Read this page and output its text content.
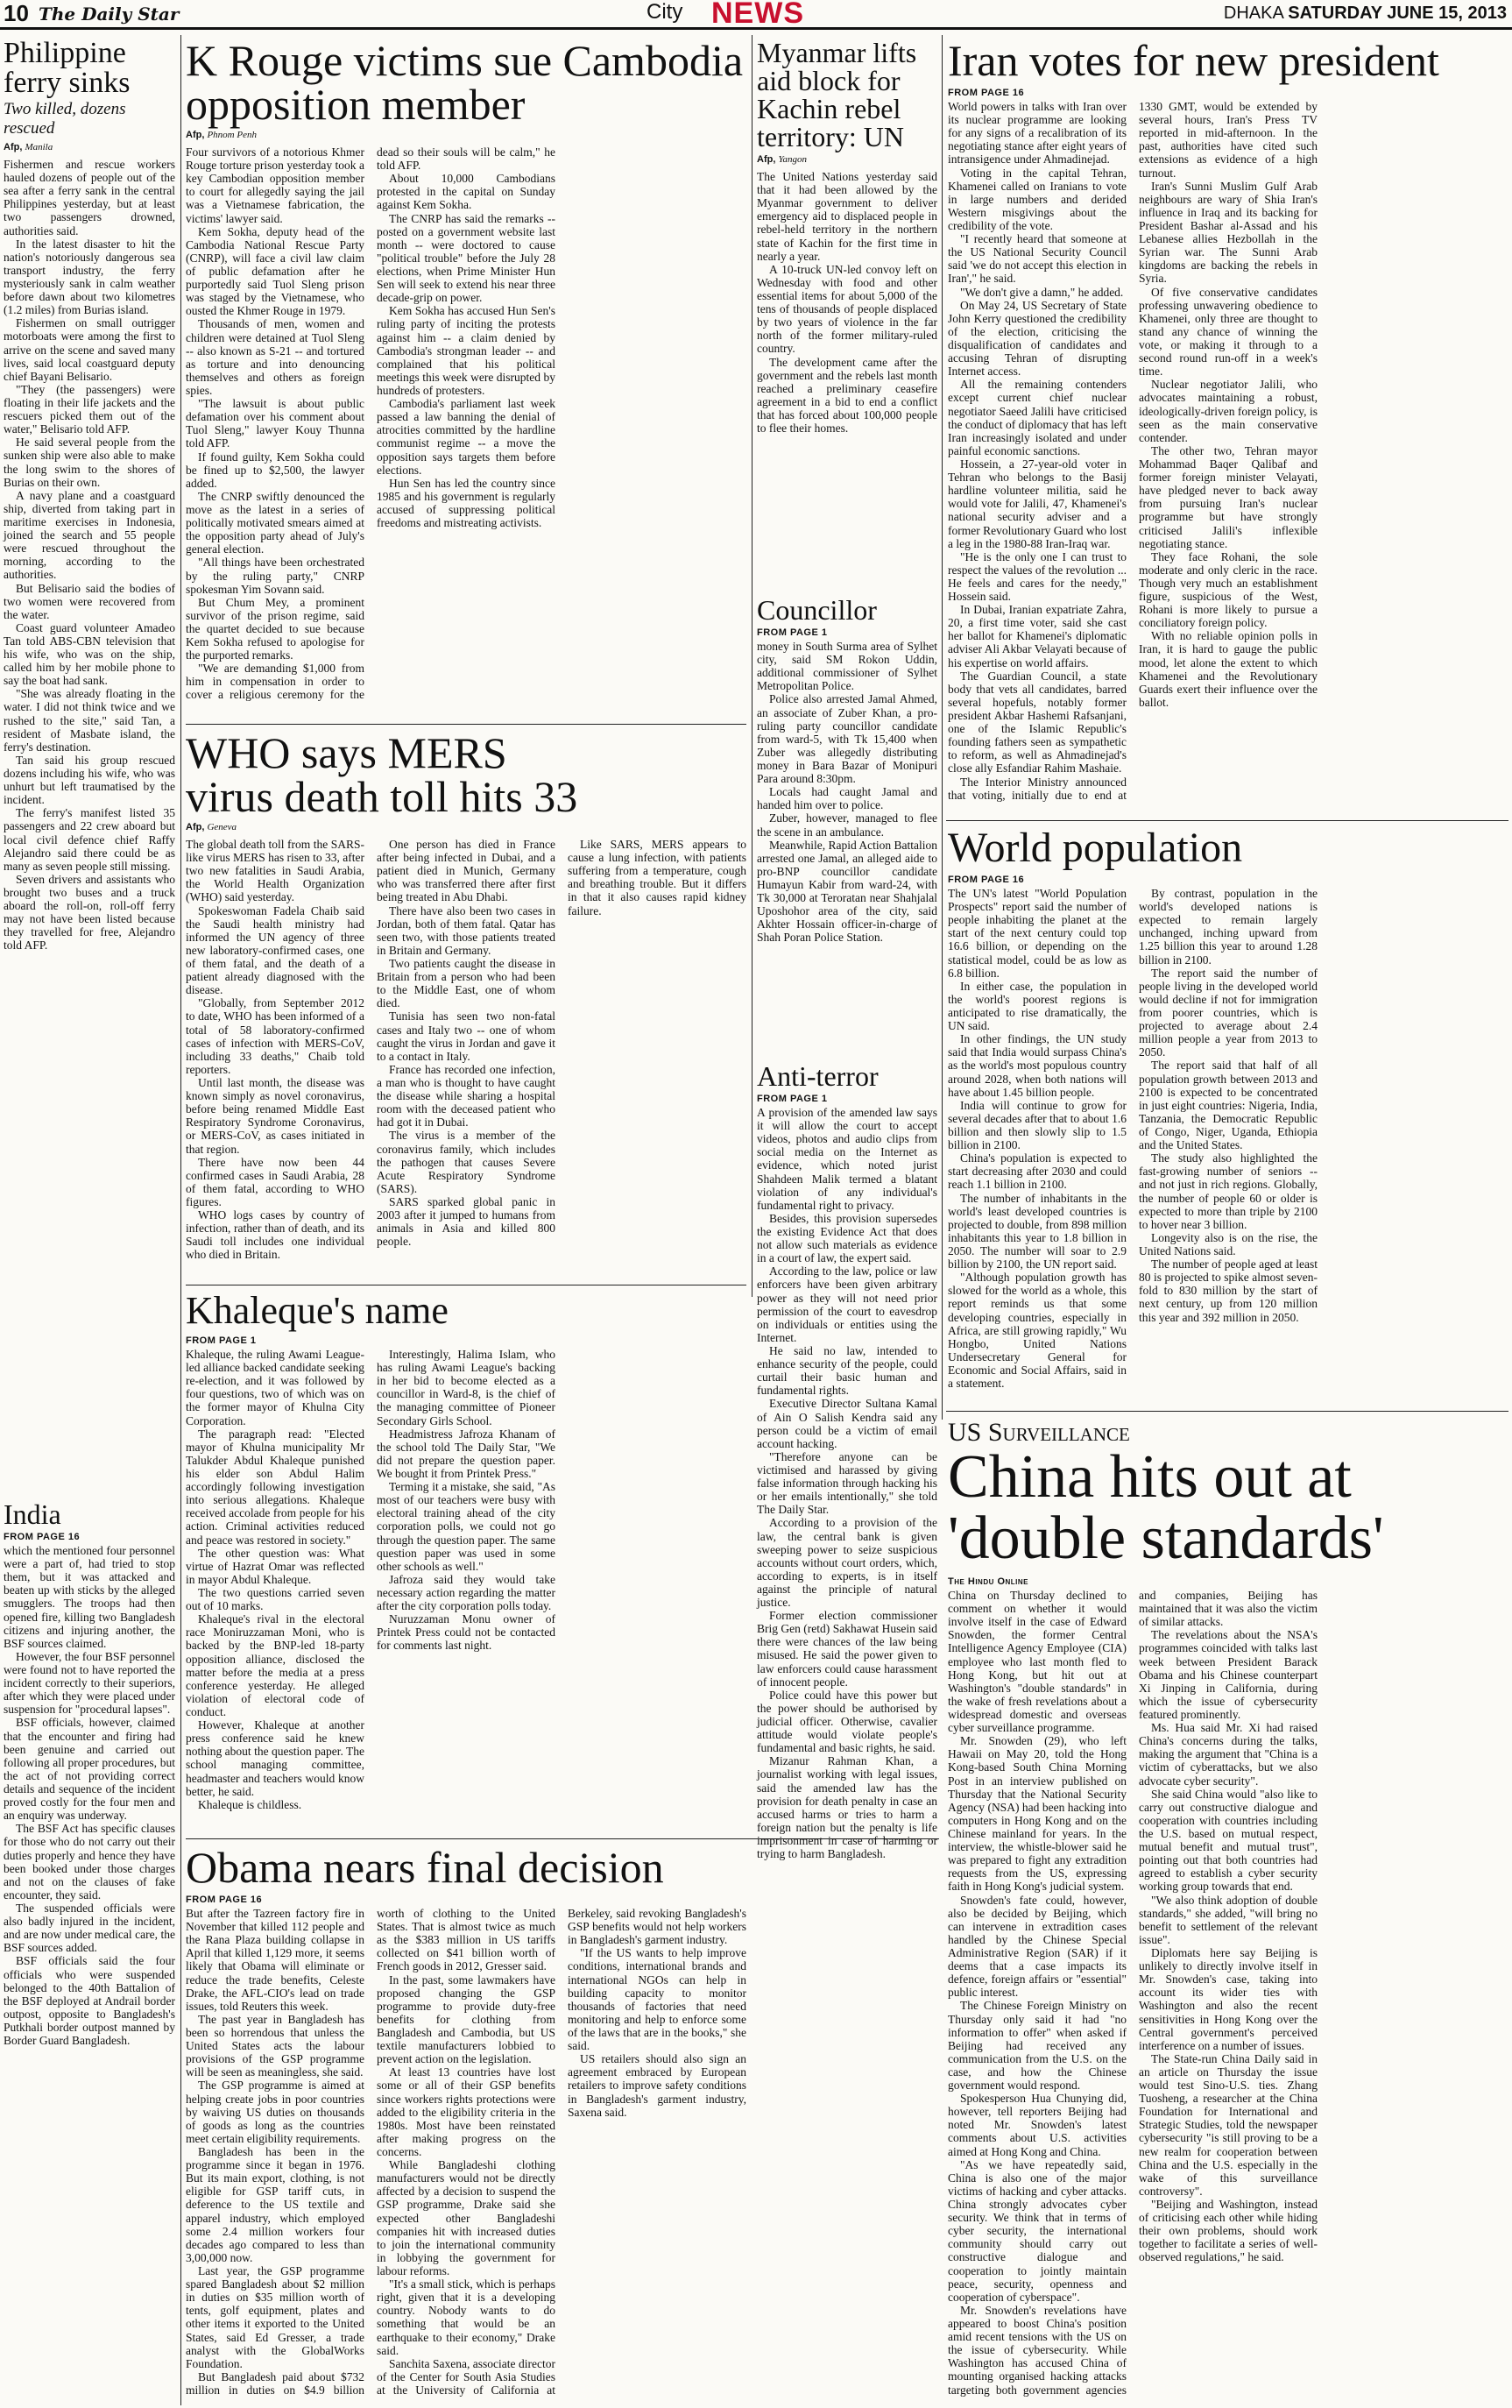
10 The Daily Star	City NEWS	DHAKA SATURDAY JUNE 15, 2013
Philippine ferry sinks
Two killed, dozens rescued
Afp, Manila

Fishermen and rescue workers hauled dozens of people out of the sea after a ferry sank in the central Philippines yesterday, but at least two passengers drowned, authorities said.

In the latest disaster to hit the nation's notoriously dangerous sea transport industry, the ferry mysteriously sank in calm weather before dawn about two kilometres (1.2 miles) from Burias island.

Fishermen on small outrigger motorboats were among the first to arrive on the scene and saved many lives, said local coastguard deputy chief Bayani Belisario.

"They (the passengers) were floating in their life jackets and the rescuers picked them out of the water," Belisario told AFP.

He said several people from the sunken ship were also able to make the long swim to the shores of Burias on their own.

A navy plane and a coastguard ship, diverted from taking part in maritime exercises in Indonesia, joined the search and 55 people were rescued throughout the morning, according to the authorities.

But Belisario said the bodies of two women were recovered from the water.

Coast guard volunteer Amadeo Tan told ABS-CBN television that his wife, who was on the ship, called him by her mobile phone to say the boat had sank.

"She was already floating in the water. I did not think twice and we rushed to the site," said Tan, a resident of Masbate island, the ferry's destination.

Tan said his group rescued dozens including his wife, who was unhurt but left traumatised by the incident.

The ferry's manifest listed 35 passengers and 22 crew aboard but local civil defence chief Raffy Alejandro said there could be as many as seven people still missing.

Seven drivers and assistants who brought two buses and a truck aboard the roll-on, roll-off ferry may not have been listed because they travelled for free, Alejandro told AFP.

India
FROM PAGE 16

which the mentioned four personnel were a part of, had tried to stop them, but it was attacked and beaten up with sticks by the alleged smugglers. The troops had then opened fire, killing two Bangladesh citizens and injuring another, the BSF sources claimed.

However, the four BSF personnel were found not to have reported the incident correctly to their superiors, after which they were placed under suspension for "procedural lapses".

BSF officials, however, claimed that the encounter and firing had been genuine and carried out following all proper procedures, but the act of not providing correct details and sequence of the incident proved costly for the four men and an enquiry was underway.

The BSF Act has specific clauses for those who do not carry out their duties properly and hence they have been booked under those charges and not on the clauses of fake encounter, they said.

The suspended officials were also badly injured in the incident, and are now under medical care, the BSF sources added.

BSF officials said the four officials who were suspended belonged to the 40th Battalion of the BSF deployed at Andrail border outpost, opposite to Bangladesh's Putkhali border outpost manned by Border Guard Bangladesh.

K Rouge victims sue Cambodia opposition member
Afp, Phnom Penh

Four survivors of a notorious Khmer Rouge torture prison yesterday took a key Cambodian opposition member to court for allegedly saying the jail was a Vietnamese fabrication, the victims' lawyer said.

Kem Sokha, deputy head of the Cambodia National Rescue Party (CNRP), will face a civil law claim of public defamation after he purportedly said Tuol Sleng prison was staged by the Vietnamese, who ousted the Khmer Rouge in 1979.

Thousands of men, women and children were detained at Tuol Sleng -- also known as S-21 -- and tortured as torture and into denouncing themselves and others as foreign spies.

"The lawsuit is about public defamation over his comment about Tuol Sleng," lawyer Kouy Thunna told AFP.

If found guilty, Kem Sokha could be fined up to $2,500, the lawyer added.

The CNRP swiftly denounced the move as the latest in a series of politically motivated smears aimed at the opposition party ahead of July's general election.

"All things have been orchestrated by the ruling party," CNRP spokesman Yim Sovann said.

But Chum Mey, a prominent survivor of the prison regime, said the quartet decided to sue because Kem Sokha refused to apologise for the purported remarks.

"We are demanding $1,000 from him in compensation in order to cover a religious ceremony for the dead so their souls will be calm," he told AFP.

About 10,000 Cambodians protested in the capital on Sunday against Kem Sokha.

The CNRP has said the remarks -- posted on a government website last month -- were doctored to cause "political trouble" before the July 28 elections, when Prime Minister Hun Sen will seek to extend his near three decade-grip on power.

Kem Sokha has accused Hun Sen's ruling party of inciting the protests against him -- a claim denied by Cambodia's strongman leader -- and complained that his political meetings this week were disrupted by hundreds of protesters.

Cambodia's parliament last week passed a law banning the denial of atrocities committed by the hardline communist regime -- a move the opposition says targets them before elections.

Hun Sen has led the country since 1985 and his government is regularly accused of suppressing political freedoms and mistreating activists.

WHO says MERS virus death toll hits 33
Afp, Geneva

The global death toll from the SARS-like virus MERS has risen to 33, after two new fatalities in Saudi Arabia, the World Health Organization (WHO) said yesterday.

Spokeswoman Fadela Chaib said the Saudi health ministry had informed the UN agency of three new laboratory-confirmed cases, one of them fatal, and the death of a patient already diagnosed with the disease.

"Globally, from September 2012 to date, WHO has been informed of a total of 58 laboratory-confirmed cases of infection with MERS-CoV, including 33 deaths," Chaib told reporters.

Until last month, the disease was known simply as novel coronavirus, before being renamed Middle East Respiratory Syndrome Coronavirus, or MERS-CoV, as cases initiated in that region.

There have now been 44 confirmed cases in Saudi Arabia, 28 of them fatal, according to WHO figures.

WHO logs cases by country of infection, rather than of death, and its Saudi toll includes one individual who died in Britain.

One person has died in France after being infected in Dubai, and a patient died in Munich, Germany who was transferred there after first being treated in Abu Dhabi.

There have also been two cases in Jordan, both of them fatal. Qatar has seen two, with those patients treated in Britain and Germany.

Two patients caught the disease in Britain from a person who had been to the Middle East, one of whom died.

Tunisia has seen two non-fatal cases and Italy two -- one of whom caught the virus in Jordan and gave it to a contact in Italy.

France has recorded one infection, a man who is thought to have caught the disease while sharing a hospital room with the deceased patient who had got it in Dubai.

The virus is a member of the coronavirus family, which includes the pathogen that causes Severe Acute Respiratory Syndrome (SARS).

SARS sparked global panic in 2003 after it jumped to humans from animals in Asia and killed 800 people.

Like SARS, MERS appears to cause a lung infection, with patients suffering from a temperature, cough and breathing trouble. But it differs in that it also causes rapid kidney failure.

Khaleque's name
FROM PAGE 1

Khaleque, the ruling Awami League-led alliance backed candidate seeking re-election, and it was followed by four questions, two of which was on the former mayor of Khulna City Corporation.

The paragraph read: "Elected mayor of Khulna municipality Mr Talukder Abdul Khaleque punished his elder son Abdul Halim accordingly following investigation into serious allegations. Khaleque received accolade from people for his action. Criminal activities reduced and peace was restored in society."

The other question was: What virtue of Hazrat Omar was reflected in mayor Abdul Khaleque.

The two questions carried seven out of 10 marks.

Khaleque's rival in the electoral race Moniruzzaman Moni, who is backed by the BNP-led 18-party opposition alliance, disclosed the matter before the media at a press conference yesterday. He alleged violation of electoral code of conduct.

However, Khaleque at another press conference said he knew nothing about the question paper. The school managing committee, headmaster and teachers would know better, he said.

Khaleque is childless.

Interestingly, Halima Islam, who has ruling Awami League's backing in her bid to become elected as a councillor in Ward-8, is the chief of the managing committee of Pioneer Secondary Girls School.

Headmistress Jafroza Khanam of the school told The Daily Star, "We did not prepare the question paper. We bought it from Printek Press."

Terming it a mistake, she said, "As most of our teachers were busy with electoral training ahead of the city corporation polls, we could not go through the question paper. The same question paper was used in some other schools as well."

Jafroza said they would take necessary action regarding the matter after the city corporation polls today.

Nuruzzaman Monu owner of Printek Press could not be contacted for comments last night.

Obama nears final decision
FROM PAGE 16

But after the Tazreen factory fire in November that killed 112 people and the Rana Plaza building collapse in April that killed 1,129 more, it seems likely that Obama will eliminate or reduce the trade benefits, Celeste Drake, the AFL-CIO's lead on trade issues, told Reuters this week.

The past year in Bangladesh has been so horrendous that unless the United States acts the labour provisions of the GSP programme will be seen as meaningless, she said.

The GSP programme is aimed at helping create jobs in poor countries by waiving US duties on thousands of goods as long as the countries meet certain eligibility requirements.

Bangladesh has been in the programme since it began in 1976. But its main export, clothing, is not eligible for GSP tariff cuts, in deference to the US textile and apparel industry, which employed some 2.4 million workers four decades ago compared to less than 3,00,000 now.

Last year, the GSP programme spared Bangladesh about $2 million in duties on $35 million worth of tents, golf equipment, plates and other items it exported to the United States, said Ed Gresser, a trade analyst with the GlobalWorks Foundation.

But Bangladesh paid about $732 million in duties on $4.9 billion worth of clothing to the United States. That is almost twice as much as the $383 million in US tariffs collected on $41 billion worth of French goods in 2012, Gresser said.

In the past, some lawmakers have proposed changing the GSP programme to provide duty-free benefits for clothing from Bangladesh and Cambodia, but US textile manufacturers lobbied to prevent action on the legislation.

At least 13 countries have lost some or all of their GSP benefits since workers rights protections were added to the eligibility criteria in the 1980s. Most have been reinstated after making progress on the concerns.

While Bangladeshi clothing manufacturers would not be directly affected by a decision to suspend the GSP programme, Drake said she expected other Bangladeshi companies hit with increased duties to join the international community in lobbying the government for labour reforms.

"It's a small stick, which is perhaps right, given that it is a developing country. Nobody wants to do something that would be an earthquake to their economy," Drake said.

Sanchita Saxena, associate director of the Center for South Asia Studies at the University of California at Berkeley, said revoking Bangladesh's GSP benefits would not help workers in Bangladesh's garment industry.

"If the US wants to help improve conditions, international brands and international NGOs can help in building capacity to monitor thousands of factories that need monitoring and help to enforce some of the laws that are in the books," she said.

US retailers should also sign an agreement embraced by European retailers to improve safety conditions in Bangladesh's garment industry, Saxena said.

Myanmar lifts aid block for Kachin rebel territory: UN
Afp, Yangon

The United Nations yesterday said that it had been allowed by the Myanmar government to deliver emergency aid to displaced people in rebel-held territory in the northern state of Kachin for the first time in nearly a year.

A 10-truck UN-led convoy left on Wednesday with food and other essential items for about 5,000 of the tens of thousands of people displaced by two years of violence in the far north of the former military-ruled country.

The development came after the government and the rebels last month reached a preliminary ceasefire agreement in a bid to end a conflict that has forced about 100,000 people to flee their homes.

Councillor
FROM PAGE 1

money in South Surma area of Sylhet city, said SM Rokon Uddin, additional commissioner of Sylhet Metropolitan Police.

Police also arrested Jamal Ahmed, an associate of Zuber Khan, a pro-ruling party councillor candidate from ward-5, with Tk 15,400 when Zuber was allegedly distributing money in Bara Bazar of Monipuri Para around 8:30pm.

Locals had caught Jamal and handed him over to police.

Zuber, however, managed to flee the scene in an ambulance.

Meanwhile, Rapid Action Battalion arrested one Jamal, an alleged aide to pro-BNP councillor candidate Humayun Kabir from ward-24, with Tk 30,000 at Teroratan near Shahjalal Uposhohor area of the city, said Akhter Hossain officer-in-charge of Shah Poran Police Station.

Anti-terror
FROM PAGE 1

A provision of the amended law says it will allow the court to accept videos, photos and audio clips from social media on the Internet as evidence, which noted jurist Shahdeen Malik termed a blatant violation of any individual's fundamental right to privacy.

Besides, this provision supersedes the existing Evidence Act that does not allow such materials as evidence in a court of law, the expert said.

According to the law, police or law enforcers have been given arbitrary power as they will not need prior permission of the court to eavesdrop on individuals or entities using the Internet.

He said no law, intended to enhance security of the people, could curtail their basic human and fundamental rights.

Executive Director Sultana Kamal of Ain O Salish Kendra said any person could be a victim of email account hacking.

"Therefore anyone can be victimised and harassed by giving false information through hacking his or her emails intentionally," she told The Daily Star.

According to a provision of the law, the central bank is given sweeping power to seize suspicious accounts without court orders, which, according to experts, is in itself against the principle of natural justice.

Former election commissioner Brig Gen (retd) Sakhawat Husein said there were chances of the law being misused. He said the power given to law enforcers could cause harassment of innocent people.

Police could have this power but the power should be authorised by judicial officer. Otherwise, cavalier attitude would violate people's fundamental and basic rights, he said.

Mizanur Rahman Khan, a journalist working with legal issues, said the amended law has the provision for death penalty in case an accused harms or tries to harm a foreign nation but the penalty is life imprisonment in case of harming or trying to harm Bangladesh.

Iran votes for new president
FROM PAGE 16

World powers in talks with Iran over its nuclear programme are looking for any signs of a recalibration of its negotiating stance after eight years of intransigence under Ahmadinejad.

Voting in the capital Tehran, Khamenei called on Iranians to vote in large numbers and derided Western misgivings about the credibility of the vote.

"I recently heard that someone at the US National Security Council said 'we do not accept this election in Iran'," he said.

"We don't give a damn," he added.

On May 24, US Secretary of State John Kerry questioned the credibility of the election, criticising the disqualification of candidates and accusing Tehran of disrupting Internet access.

All the remaining contenders except current chief nuclear negotiator Saeed Jalili have criticised the conduct of diplomacy that has left Iran increasingly isolated and under painful economic sanctions.

Hossein, a 27-year-old voter in Tehran who belongs to the Basij hardline volunteer militia, said he would vote for Jalili, 47, Khamenei's national security adviser and a former Revolutionary Guard who lost a leg in the 1980-88 Iran-Iraq war.

"He is the only one I can trust to respect the values of the revolution ... He feels and cares for the needy," Hossein said.

In Dubai, Iranian expatriate Zahra, 20, a first time voter, said she cast her ballot for Khamenei's diplomatic adviser Ali Akbar Velayati because of his expertise on world affairs.

The Guardian Council, a state body that vets all candidates, barred several hopefuls, notably former president Akbar Hashemi Rafsanjani, one of the Islamic Republic's founding fathers seen as sympathetic to reform, as well as Ahmadinejad's close ally Esfandiar Rahim Mashaie.

The Interior Ministry announced that voting, initially due to end at 1330 GMT, would be extended by several hours, Iran's Press TV reported in mid-afternoon. In the past, authorities have cited such extensions as evidence of a high turnout.

Iran's Sunni Muslim Gulf Arab neighbours are wary of Shia Iran's influence in Iraq and its backing for President Bashar al-Assad and his Lebanese allies Hezbollah in the Syrian war. The Sunni Arab kingdoms are backing the rebels in Syria.

Of five conservative candidates professing unwavering obedience to Khamenei, only three are thought to stand any chance of winning the vote, or making it through to a second round run-off in a week's time.

Nuclear negotiator Jalili, who advocates maintaining a robust, ideologically-driven foreign policy, is seen as the main conservative contender.

The other two, Tehran mayor Mohammad Baqer Qalibaf and former foreign minister Velayati, have pledged never to back away from pursuing Iran's nuclear programme but have strongly criticised Jalili's inflexible negotiating stance.

They face Rohani, the sole moderate and only cleric in the race. Though very much an establishment figure, suspicious of the West, Rohani is more likely to pursue a conciliatory foreign policy.

With no reliable opinion polls in Iran, it is hard to gauge the public mood, let alone the extent to which Khamenei and the Revolutionary Guards exert their influence over the ballot.

World population
FROM PAGE 16

The UN's latest "World Population Prospects" report said the number of people inhabiting the planet at the start of the next century could top 16.6 billion, or depending on the statistical model, could be as low as 6.8 billion.

In either case, the population in the world's poorest regions is anticipated to rise dramatically, the UN said.

In other findings, the UN study said that India would surpass China's as the world's most populous country around 2028, when both nations will have about 1.45 billion people.

India will continue to grow for several decades after that to about 1.6 billion and then slowly slip to 1.5 billion in 2100.

China's population is expected to start decreasing after 2030 and could reach 1.1 billion in 2100.

The number of inhabitants in the world's least developed countries is projected to double, from 898 million inhabitants this year to 1.8 billion in 2050. The number will soar to 2.9 billion by 2100, the UN report said.

"Although population growth has slowed for the world as a whole, this report reminds us that some developing countries, especially in Africa, are still growing rapidly," Wu Hongbo, United Nations Undersecretary General for Economic and Social Affairs, said in a statement.

By contrast, population in the world's developed nations is expected to remain largely unchanged, inching upward from 1.25 billion this year to around 1.28 billion in 2100.

The report said the number of people living in the developed world would decline if not for immigration from poorer countries, which is projected to average about 2.4 million people a year from 2013 to 2050.

The report said that half of all population growth between 2013 and 2100 is expected to be concentrated in just eight countries: Nigeria, India, Tanzania, the Democratic Republic of Congo, Niger, Uganda, Ethiopia and the United States.

The study also highlighted the fast-growing number of seniors -- and not just in rich regions. Globally, the number of people 60 or older is expected to more than triple by 2100 to hover near 3 billion.

Longevity also is on the rise, the United Nations said.

The number of people aged at least 80 is projected to spike almost seven-fold to 830 million by the start of next century, up from 120 million this year and 392 million in 2050.

US Surveillance
China hits out at 'double standards'
The Hindu Online

China on Thursday declined to comment on whether it would involve itself in the case of Edward Snowden, the former Central Intelligence Agency Employee (CIA) employee who last month fled to Hong Kong, but hit out at Washington's "double standards" in the wake of fresh revelations about a widespread domestic and overseas cyber surveillance programme.

Mr. Snowden (29), who left Hawaii on May 20, told the Hong Kong-based South China Morning Post in an interview published on Thursday that the National Security Agency (NSA) had been hacking into computers in Hong Kong and on the Chinese mainland for years. In the interview, the whistle-blower said he was prepared to fight any extradition requests from the US, expressing faith in Hong Kong's judicial system.

Snowden's fate could, however, also be decided by Beijing, which can intervene in extradition cases handled by the Chinese Special Administrative Region (SAR) if it deems that a case impacts its defence, foreign affairs or "essential" public interest.

The Chinese Foreign Ministry on Thursday only said it had "no information to offer" when asked if Beijing had received any communication from the U.S. on the case, and how the Chinese government would respond.

Spokesperson Hua Chunying did, however, tell reporters Beijing had noted Mr. Snowden's latest comments about U.S. activities aimed at Hong Kong and China.

"As we have repeatedly said, China is also one of the major victims of hacking and cyber attacks. China strongly advocates cyber security. We think that in terms of cyber security, the international community should carry out constructive dialogue and cooperation to jointly maintain peace, security, openness and cooperation of cyberspace".

Mr. Snowden's revelations have appeared to boost China's position amid recent tensions with the US on the issue of cybersecurity. While Washington has accused China of mounting organised hacking attacks targeting both government agencies and companies, Beijing has maintained that it was also the victim of similar attacks.

The revelations about the NSA's programmes coincided with talks last week between President Barack Obama and his Chinese counterpart Xi Jinping in California, during which the issue of cybersecurity featured prominently.

Ms. Hua said Mr. Xi had raised China's concerns during the talks, making the argument that "China is a victim of cyberattacks, but we also advocate cyber security".

She said China would "also like to carry out constructive dialogue and cooperation with countries including the U.S. based on mutual respect, mutual benefit and mutual trust", pointing out that both countries had agreed to establish a cyber security working group towards that end.

"We also think adoption of double standards," she added, "will bring no benefit to settlement of the relevant issue".

Diplomats here say Beijing is unlikely to directly involve itself in Mr. Snowden's case, taking into account its wider ties with Washington and also the recent sensitivities in Hong Kong over the Central government's perceived interference on a number of issues.

The State-run China Daily said in an article on Thursday the issue would test Sino-U.S. ties. Zhang Tuosheng, a researcher at the China Foundation for International and Strategic Studies, told the newspaper cybersecurity "is still proving to be a new realm for cooperation between China and the U.S. especially in the wake of this surveillance controversy".

"Beijing and Washington, instead of criticising each other while hiding their own problems, should work together to facilitate a series of well-observed regulations," he said.
